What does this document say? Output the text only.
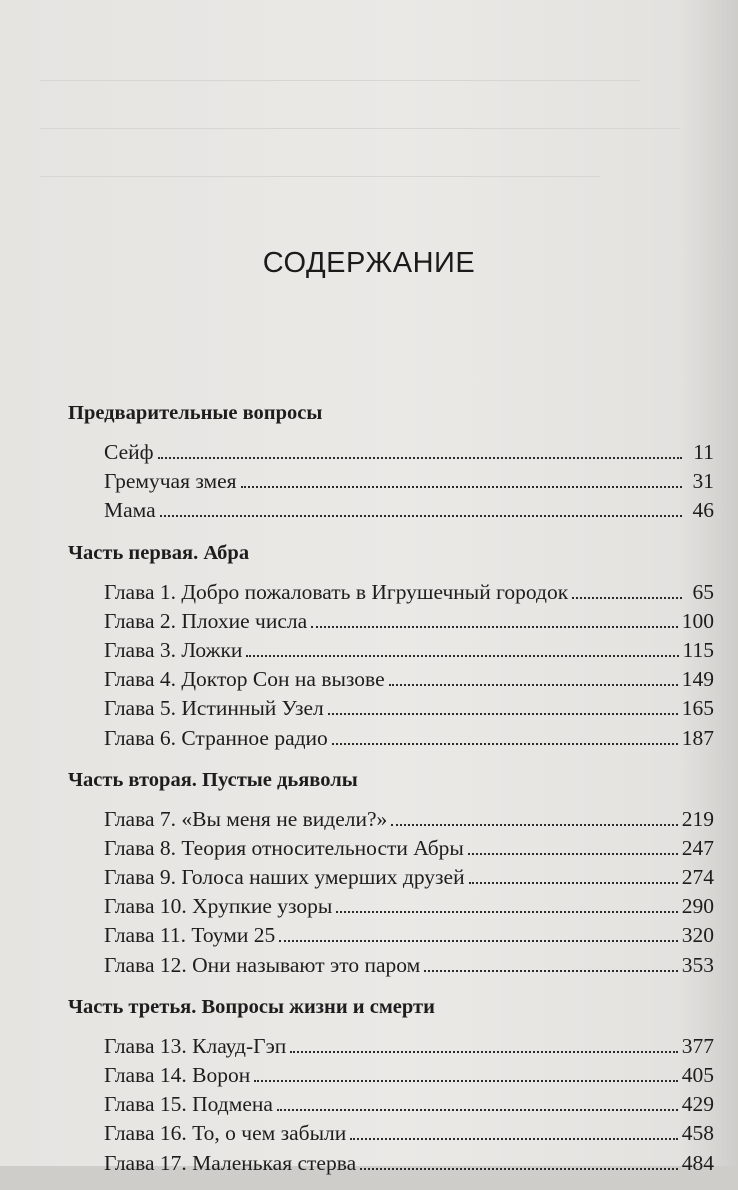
СОДЕРЖАНИЕ
Предварительные вопросы
Сейф	11
Гремучая змея	31
Мама	46
Часть первая. Абра
Глава 1. Добро пожаловать в Игрушечный городок	65
Глава 2. Плохие числа	100
Глава 3. Ложки	115
Глава 4. Доктор Сон на вызове	149
Глава 5. Истинный Узел	165
Глава 6. Странное радио	187
Часть вторая. Пустые дьяволы
Глава 7. «Вы меня не видели?»	219
Глава 8. Теория относительности Абры	247
Глава 9. Голоса наших умерших друзей	274
Глава 10. Хрупкие узоры	290
Глава 11. Тоуми 25	320
Глава 12. Они называют это паром	353
Часть третья. Вопросы жизни и смерти
Глава 13. Клауд-Гэп	377
Глава 14. Ворон	405
Глава 15. Подмена	429
Глава 16. То, о чем забыли	458
Глава 17. Маленькая стерва	484
